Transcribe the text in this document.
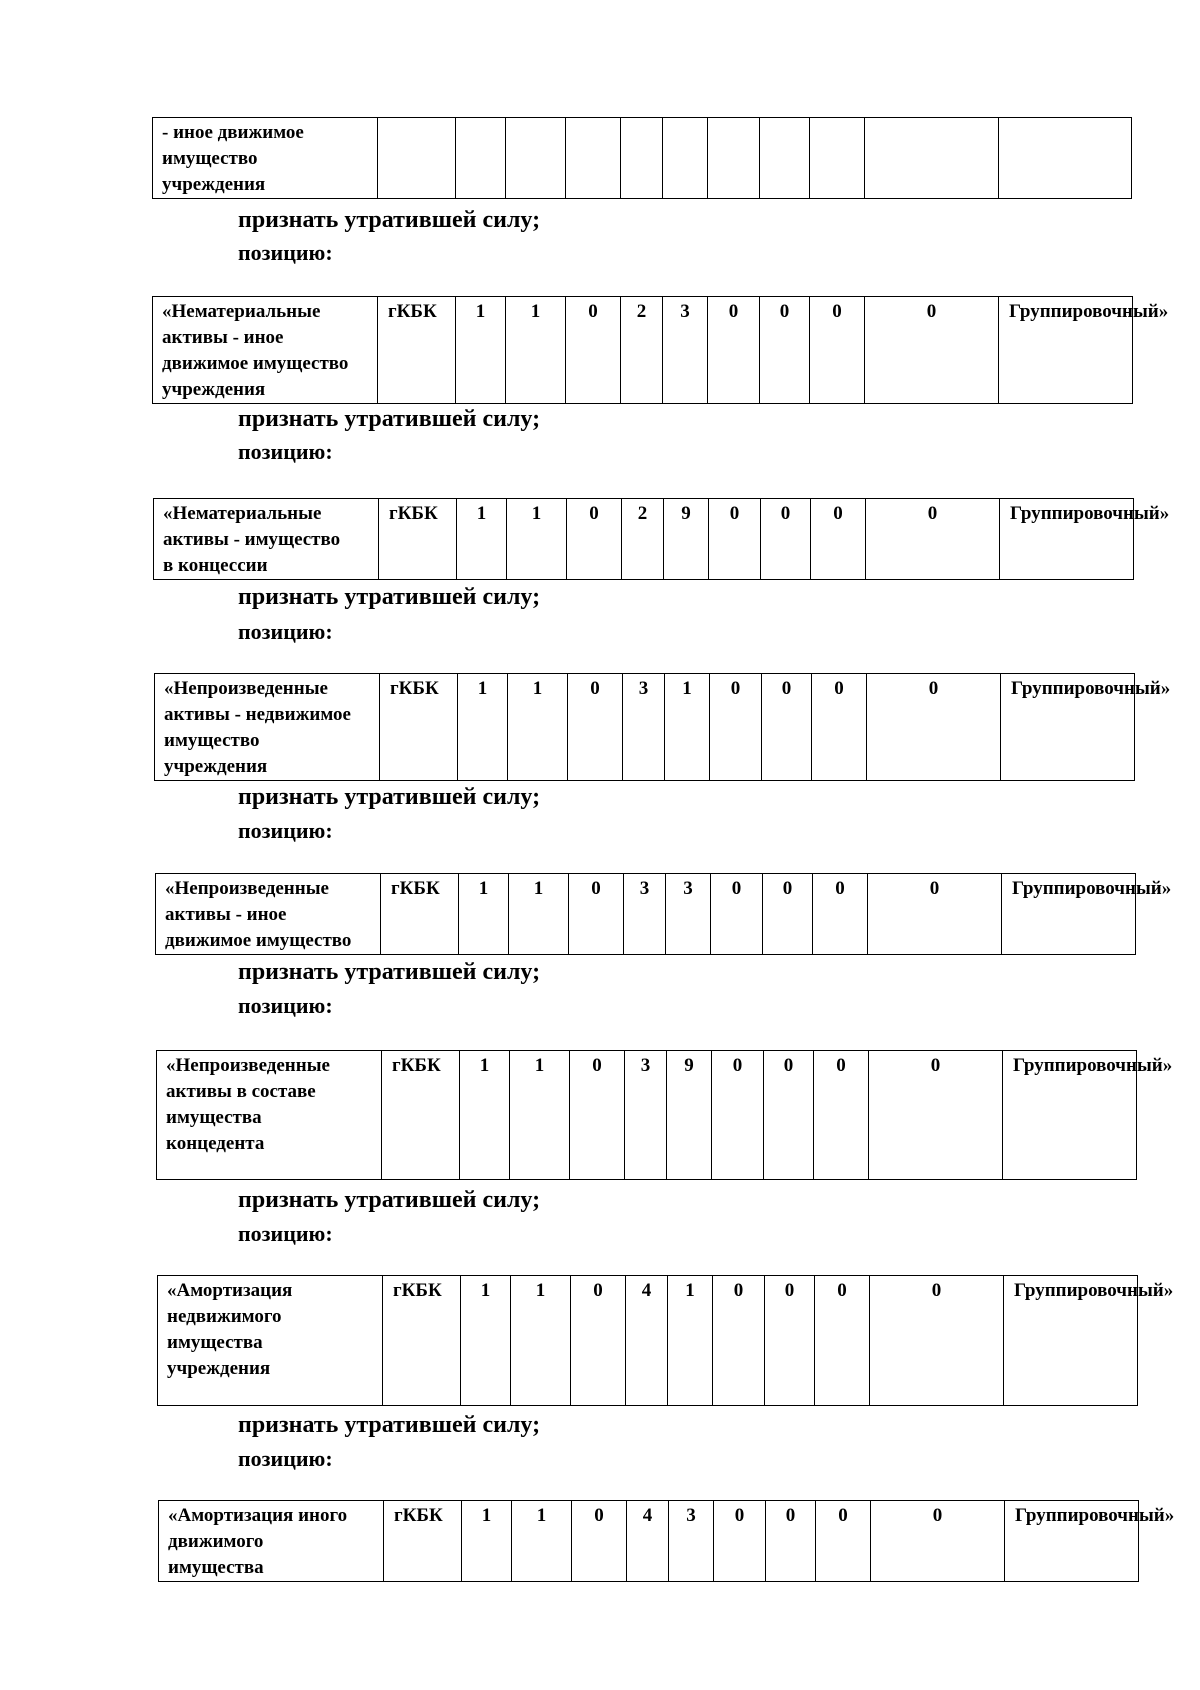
- иное движимое
имущество
учреждения

признать утратившей силу;
позицию:
«Нематериальные
активы - иное
движимое имущество
учреждения
	гКБК	1	1	0	2	3	0	0	0	0	Группировочный»
признать утратившей силу;
позицию:
«Нематериальные
активы - имущество
в концессии
	гКБК	1	1	0	2	9	0	0	0	0	Группировочный»
признать утратившей силу;
позицию:
«Непроизведенные
активы - недвижимое
имущество
учреждения
	гКБК	1	1	0	3	1	0	0	0	0	Группировочный»
признать утратившей силу;
позицию:
«Непроизведенные
активы - иное
движимое имущество
	гКБК	1	1	0	3	3	0	0	0	0	Группировочный»
признать утратившей силу;
позицию:
«Непроизведенные
активы в составе
имущества
концедента
	гКБК	1	1	0	3	9	0	0	0	0	Группировочный»
признать утратившей силу;
позицию:
«Амортизация
недвижимого
имущества
учреждения
	гКБК	1	1	0	4	1	0	0	0	0	Группировочный»
признать утратившей силу;
позицию:
«Амортизация иного
движимого
имущества
	гКБК	1	1	0	4	3	0	0	0	0	Группировочный»
